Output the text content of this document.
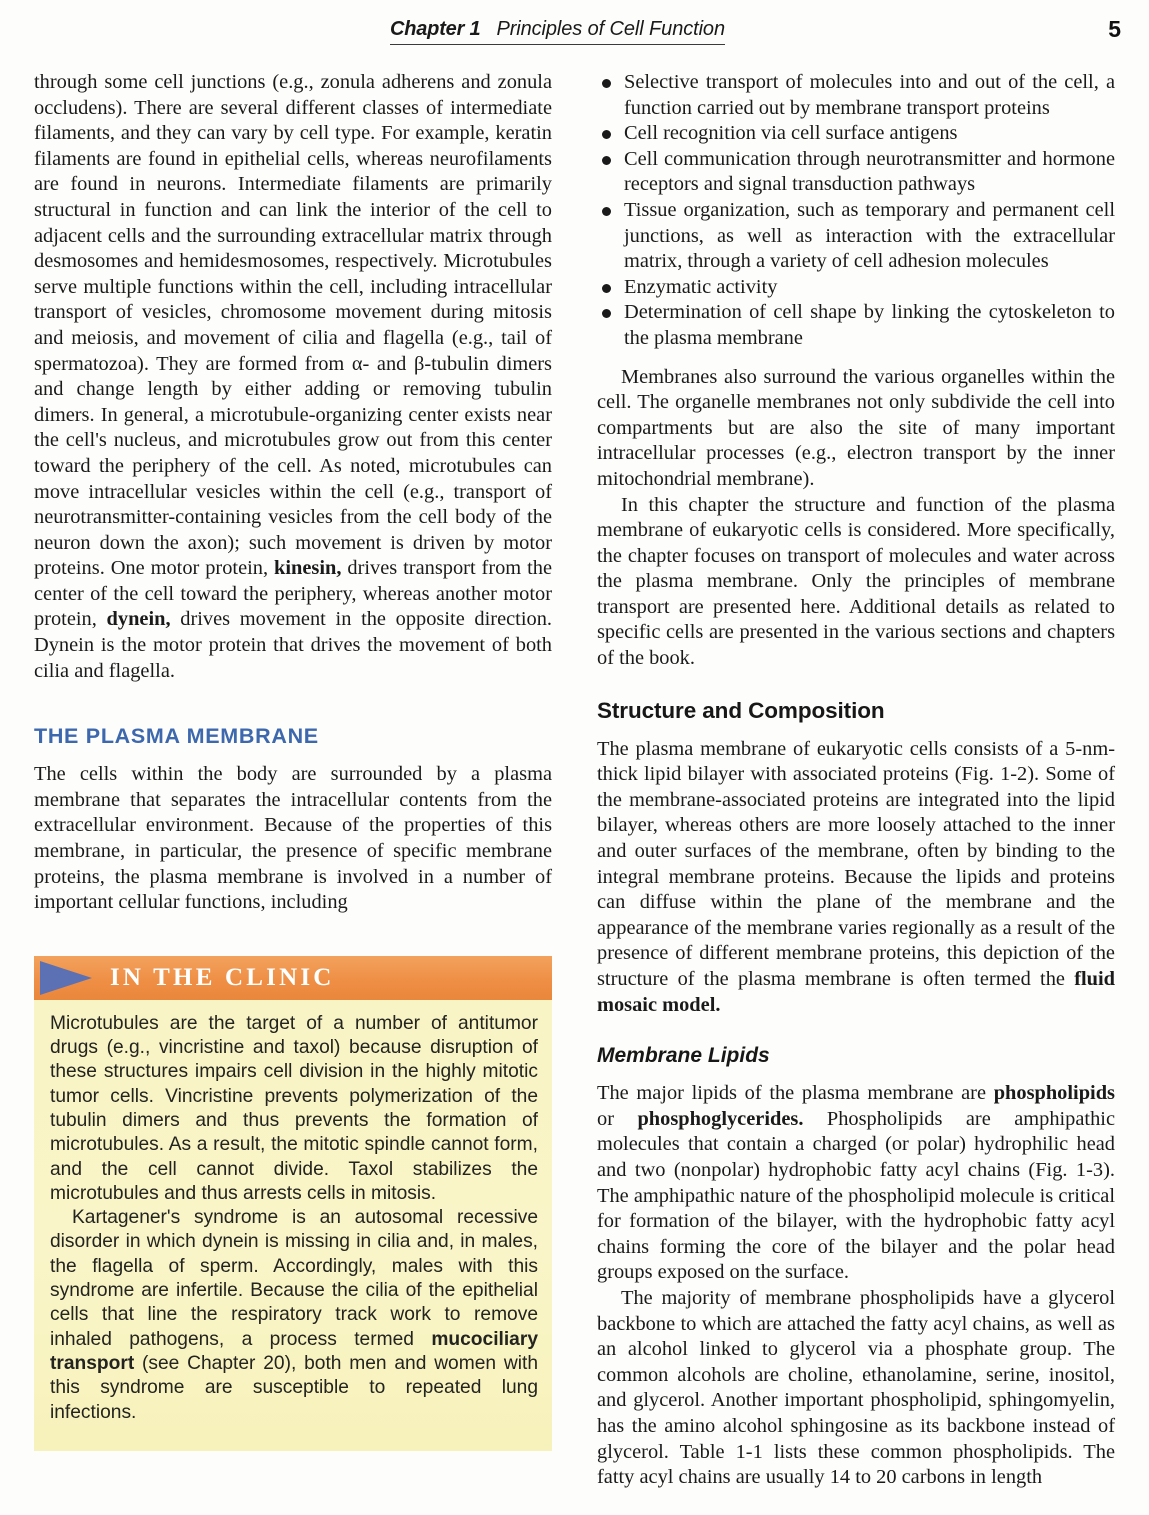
Chapter 1 Principles of Cell Function	5

through some cell junctions (e.g., zonula adherens and zonula occludens). There are several different classes of intermediate filaments, and they can vary by cell type. For example, keratin filaments are found in epithelial cells, whereas neurofilaments are found in neurons. Intermediate filaments are primarily structural in function and can link the interior of the cell to adjacent cells and the surrounding extracellular matrix through desmosomes and hemidesmosomes, respectively. Microtubules serve multiple functions within the cell, including intracellular transport of vesicles, chromosome movement during mitosis and meiosis, and movement of cilia and flagella (e.g., tail of spermatozoa). They are formed from α- and β-tubulin dimers and change length by either adding or removing tubulin dimers. In general, a microtubule-organizing center exists near the cell's nucleus, and microtubules grow out from this center toward the periphery of the cell. As noted, microtubules can move intracellular vesicles within the cell (e.g., transport of neurotransmitter-containing vesicles from the cell body of the neuron down the axon); such movement is driven by motor proteins. One motor protein, kinesin, drives transport from the center of the cell toward the periphery, whereas another motor protein, dynein, drives movement in the opposite direction. Dynein is the motor protein that drives the movement of both cilia and flagella.

THE PLASMA MEMBRANE

The cells within the body are surrounded by a plasma membrane that separates the intracellular contents from the extracellular environment. Because of the properties of this membrane, in particular, the presence of specific membrane proteins, the plasma membrane is involved in a number of important cellular functions, including

IN THE CLINIC

Microtubules are the target of a number of antitumor drugs (e.g., vincristine and taxol) because disruption of these structures impairs cell division in the highly mitotic tumor cells. Vincristine prevents polymerization of the tubulin dimers and thus prevents the formation of microtubules. As a result, the mitotic spindle cannot form, and the cell cannot divide. Taxol stabilizes the microtubules and thus arrests cells in mitosis.

Kartagener's syndrome is an autosomal recessive disorder in which dynein is missing in cilia and, in males, the flagella of sperm. Accordingly, males with this syndrome are infertile. Because the cilia of the epithelial cells that line the respiratory track work to remove inhaled pathogens, a process termed mucociliary transport (see Chapter 20), both men and women with this syndrome are susceptible to repeated lung infections.

Selective transport of molecules into and out of the cell, a function carried out by membrane transport proteins
Cell recognition via cell surface antigens
Cell communication through neurotransmitter and hormone receptors and signal transduction pathways
Tissue organization, such as temporary and permanent cell junctions, as well as interaction with the extracellular matrix, through a variety of cell adhesion molecules
Enzymatic activity
Determination of cell shape by linking the cytoskeleton to the plasma membrane

Membranes also surround the various organelles within the cell. The organelle membranes not only subdivide the cell into compartments but are also the site of many important intracellular processes (e.g., electron transport by the inner mitochondrial membrane).

In this chapter the structure and function of the plasma membrane of eukaryotic cells is considered. More specifically, the chapter focuses on transport of molecules and water across the plasma membrane. Only the principles of membrane transport are presented here. Additional details as related to specific cells are presented in the various sections and chapters of the book.

Structure and Composition

The plasma membrane of eukaryotic cells consists of a 5-nm-thick lipid bilayer with associated proteins (Fig. 1-2). Some of the membrane-associated proteins are integrated into the lipid bilayer, whereas others are more loosely attached to the inner and outer surfaces of the membrane, often by binding to the integral membrane proteins. Because the lipids and proteins can diffuse within the plane of the membrane and the appearance of the membrane varies regionally as a result of the presence of different membrane proteins, this depiction of the structure of the plasma membrane is often termed the fluid mosaic model.

Membrane Lipids

The major lipids of the plasma membrane are phospholipids or phosphoglycerides. Phospholipids are amphipathic molecules that contain a charged (or polar) hydrophilic head and two (nonpolar) hydrophobic fatty acyl chains (Fig. 1-3). The amphipathic nature of the phospholipid molecule is critical for formation of the bilayer, with the hydrophobic fatty acyl chains forming the core of the bilayer and the polar head groups exposed on the surface.

The majority of membrane phospholipids have a glycerol backbone to which are attached the fatty acyl chains, as well as an alcohol linked to glycerol via a phosphate group. The common alcohols are choline, ethanolamine, serine, inositol, and glycerol. Another important phospholipid, sphingomyelin, has the amino alcohol sphingosine as its backbone instead of glycerol. Table 1-1 lists these common phospholipids. The fatty acyl chains are usually 14 to 20 carbons in length
